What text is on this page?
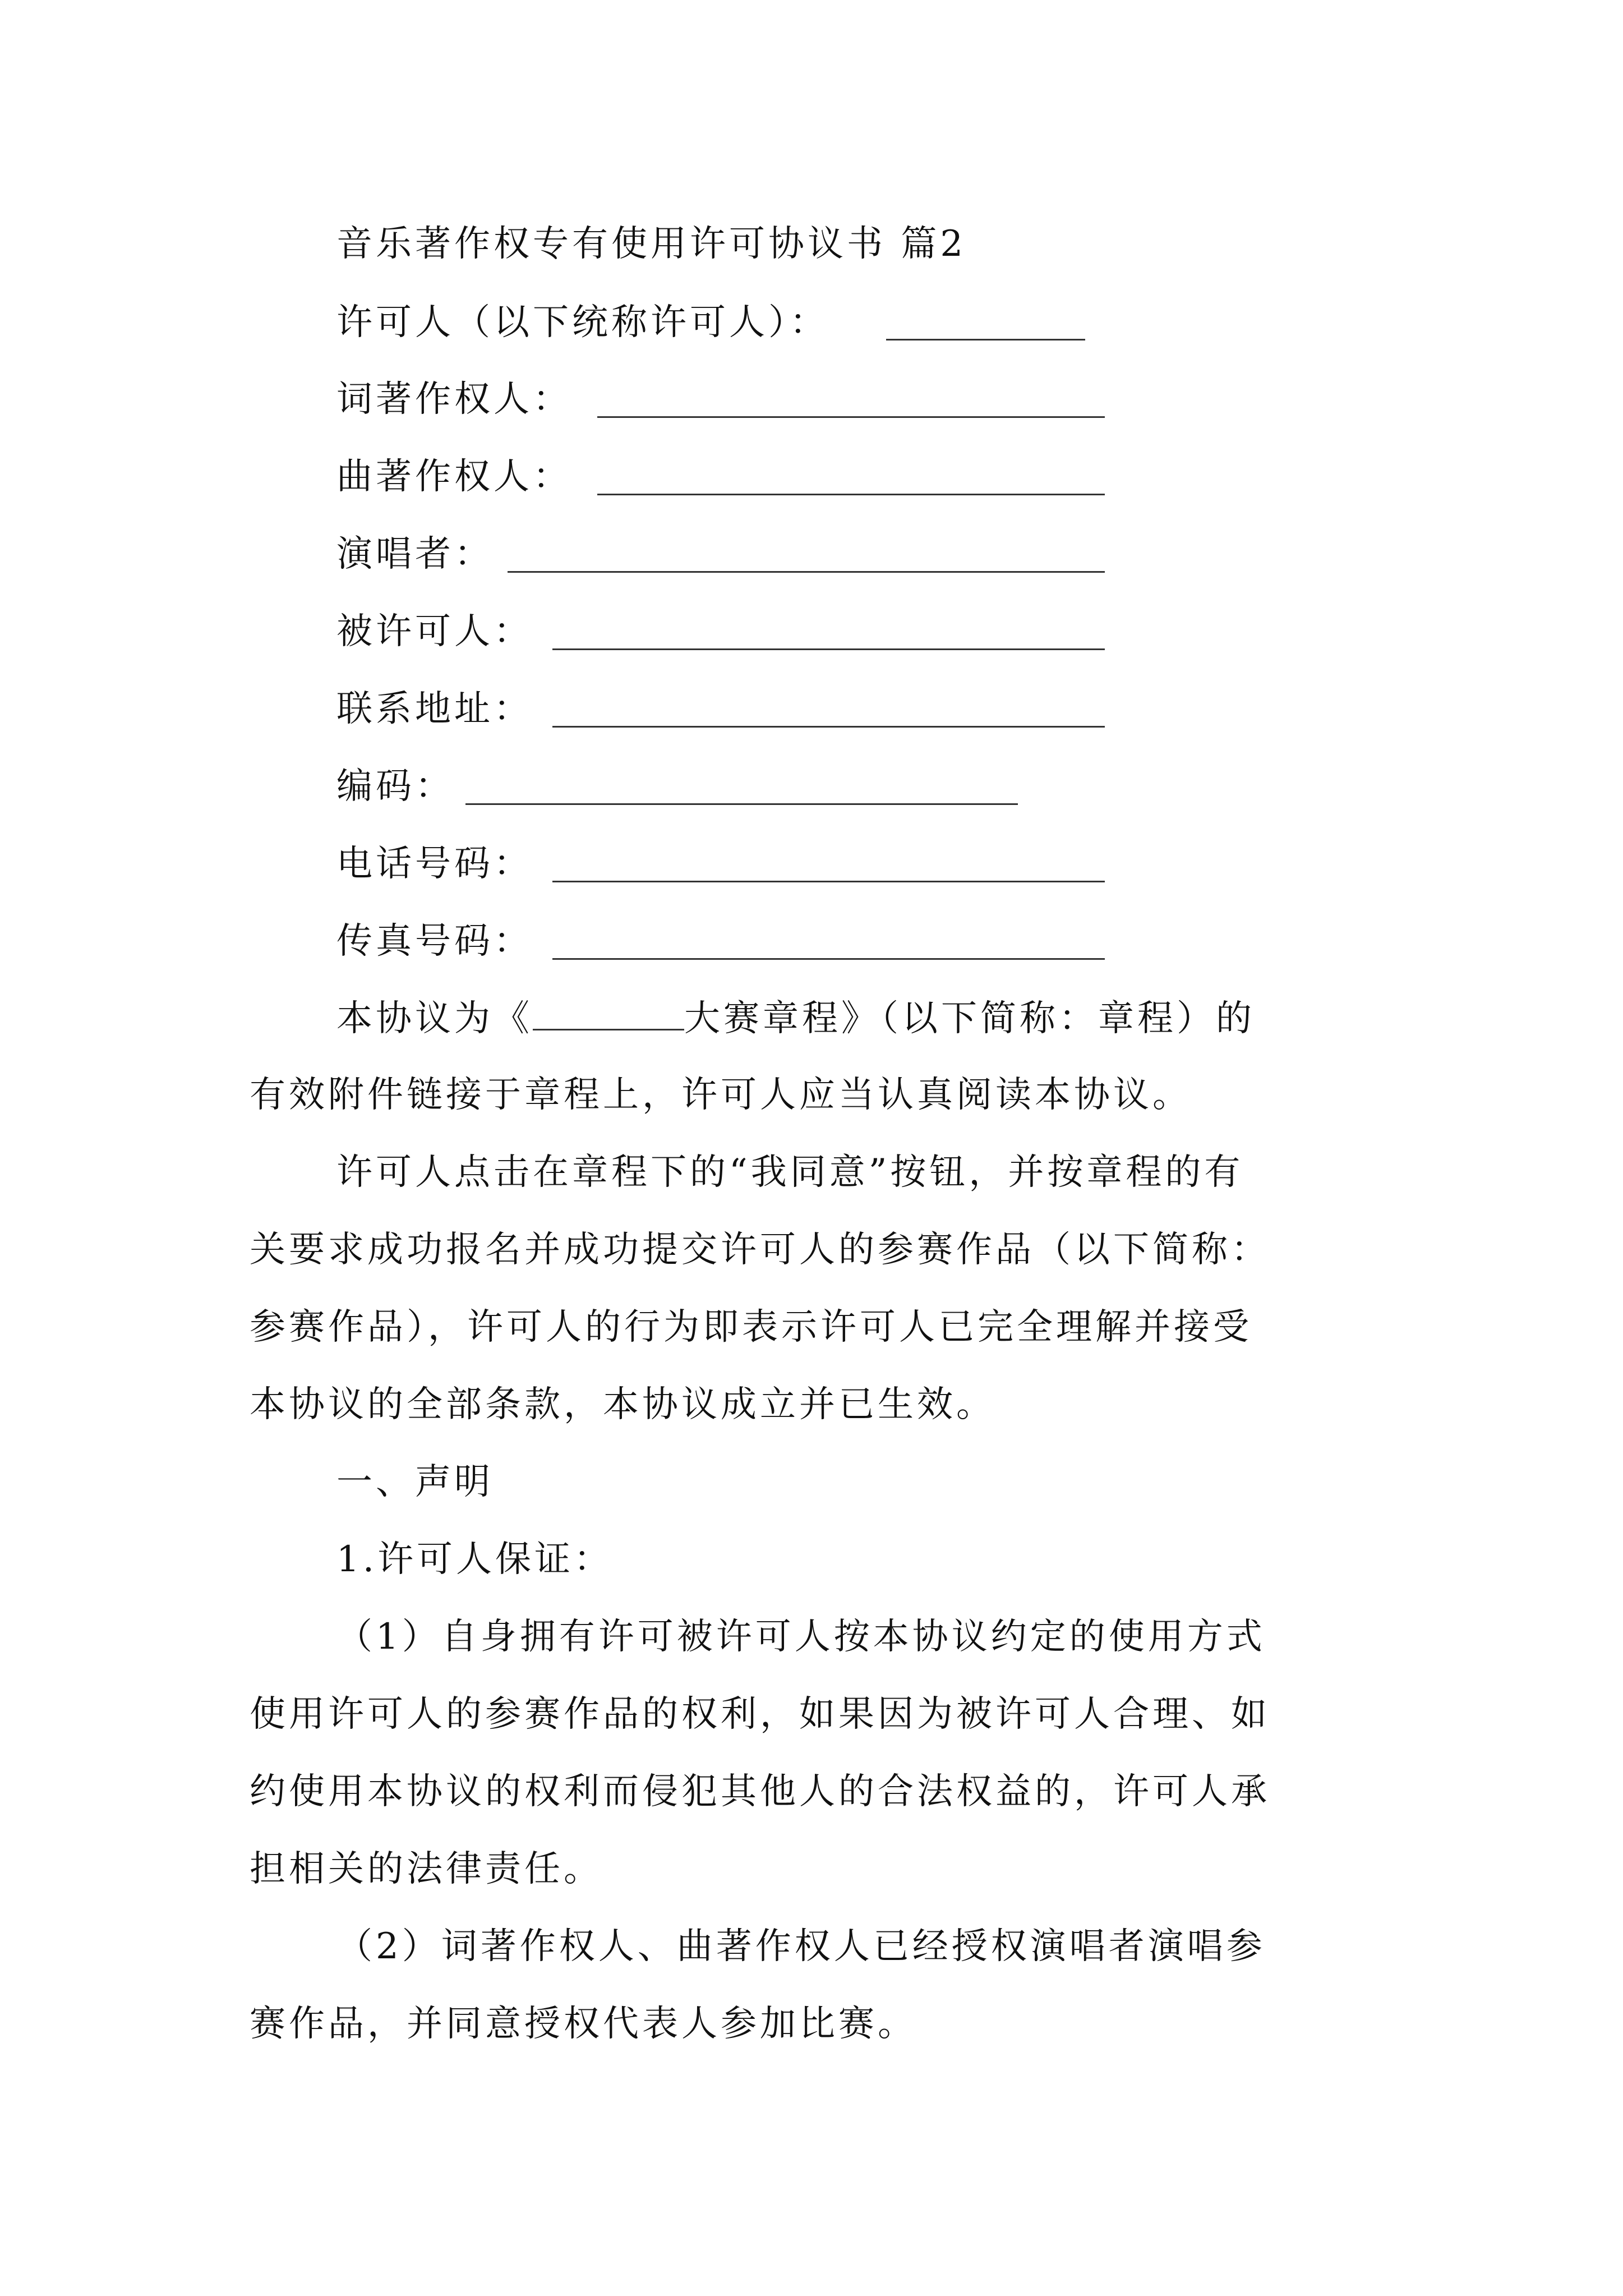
音乐著作权专有使用许可协议书 篇2
许可人（以下统称许可人）：
词著作权人：
曲著作权人：
演唱者：
被许可人：
联系地址：
编码：
电话号码：
传真号码：
本协议为《	大赛章程》（以下简称：章程）的
有效附件链接于章程上，许可人应当认真阅读本协议。
许可人点击在章程下的“我同意”按钮，并按章程的有
关要求成功报名并成功提交许可人的参赛作品（以下简称：
参赛作品），许可人的行为即表示许可人已完全理解并接受
本协议的全部条款，本协议成立并已生效。
一、声明
1.许可人保证：
（1）自身拥有许可被许可人按本协议约定的使用方式
使用许可人的参赛作品的权利，如果因为被许可人合理、如
约使用本协议的权利而侵犯其他人的合法权益的，许可人承
担相关的法律责任。
（2）词著作权人、曲著作权人已经授权演唱者演唱参
赛作品，并同意授权代表人参加比赛。
